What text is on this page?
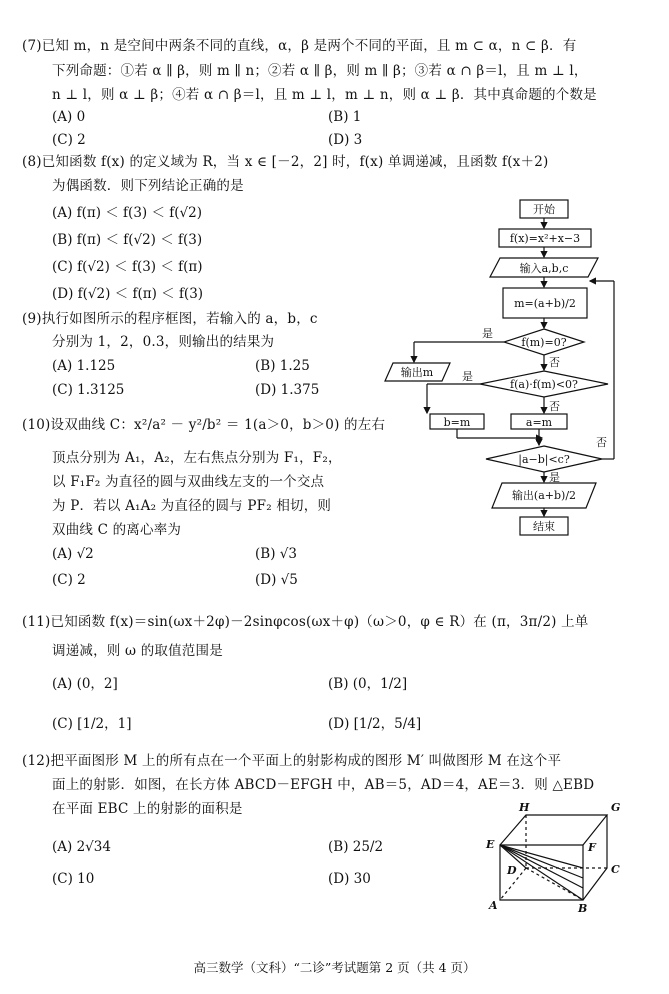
(7)已知 m，n 是空间中两条不同的直线，α，β 是两个不同的平面，且 m ⊂ α，n ⊂ β．有
下列命题：①若 α ∥ β，则 m ∥ n；②若 α ∥ β，则 m ∥ β；③若 α ∩ β＝l，且 m ⊥ l，
n ⊥ l，则 α ⊥ β；④若 α ∩ β＝l，且 m ⊥ l，m ⊥ n，则 α ⊥ β．其中真命题的个数是
(A) 0	(B) 1
(C) 2	(D) 3
(8)已知函数 f(x) 的定义域为 R，当 x ∈ [－2，2] 时，f(x) 单调递减，且函数 f(x＋2)
为偶函数．则下列结论正确的是
(A) f(π) ＜ f(3) ＜ f(√2)
(B) f(π) ＜ f(√2) ＜ f(3)
(C) f(√2) ＜ f(3) ＜ f(π)
(D) f(√2) ＜ f(π) ＜ f(3)
(9)执行如图所示的程序框图，若输入的 a，b，c
分别为 1，2，0.3，则输出的结果为
(A) 1.125	(B) 1.25
(C) 1.3125	(D) 1.375
(10)设双曲线 C：x²/a² － y²/b² ＝ 1(a＞0，b＞0) 的左右
顶点分别为 A₁，A₂，左右焦点分别为 F₁，F₂，
以 F₁F₂ 为直径的圆与双曲线左支的一个交点
为 P．若以 A₁A₂ 为直径的圆与 PF₂ 相切，则
双曲线 C 的离心率为
(A) √2	(B) √3
(C) 2	(D) √5
(11)已知函数 f(x)＝sin(ωx＋2φ)－2sinφcos(ωx＋φ)（ω＞0，φ ∈ R）在 (π，3π/2) 上单
调递减，则 ω 的取值范围是
(A) (0，2]	(B) (0，1/2]
(C) [1/2，1]	(D) [1/2，5/4]
(12)把平面图形 M 上的所有点在一个平面上的射影构成的图形 M′ 叫做图形 M 在这个平
面上的射影．如图，在长方体 ABCD－EFGH 中，AB＝5，AD＝4，AE＝3．则 △EBD
在平面 EBC 上的射影的面积是
(A) 2√34	(B) 25/2
(C) 10	(D) 30
开始
f(x)=x²+x−3
输入a,b,c
m=(a+b)/2
f(m)=0?
是
否
输出m
f(a)·f(m)<0?
是
否
b=m	a=m
|a−b|<c?
是
否
输出(a+b)/2
结束
H	G
E	F
D	C
A	B
高三数学（文科）“二诊”考试题第 2 页（共 4 页）
